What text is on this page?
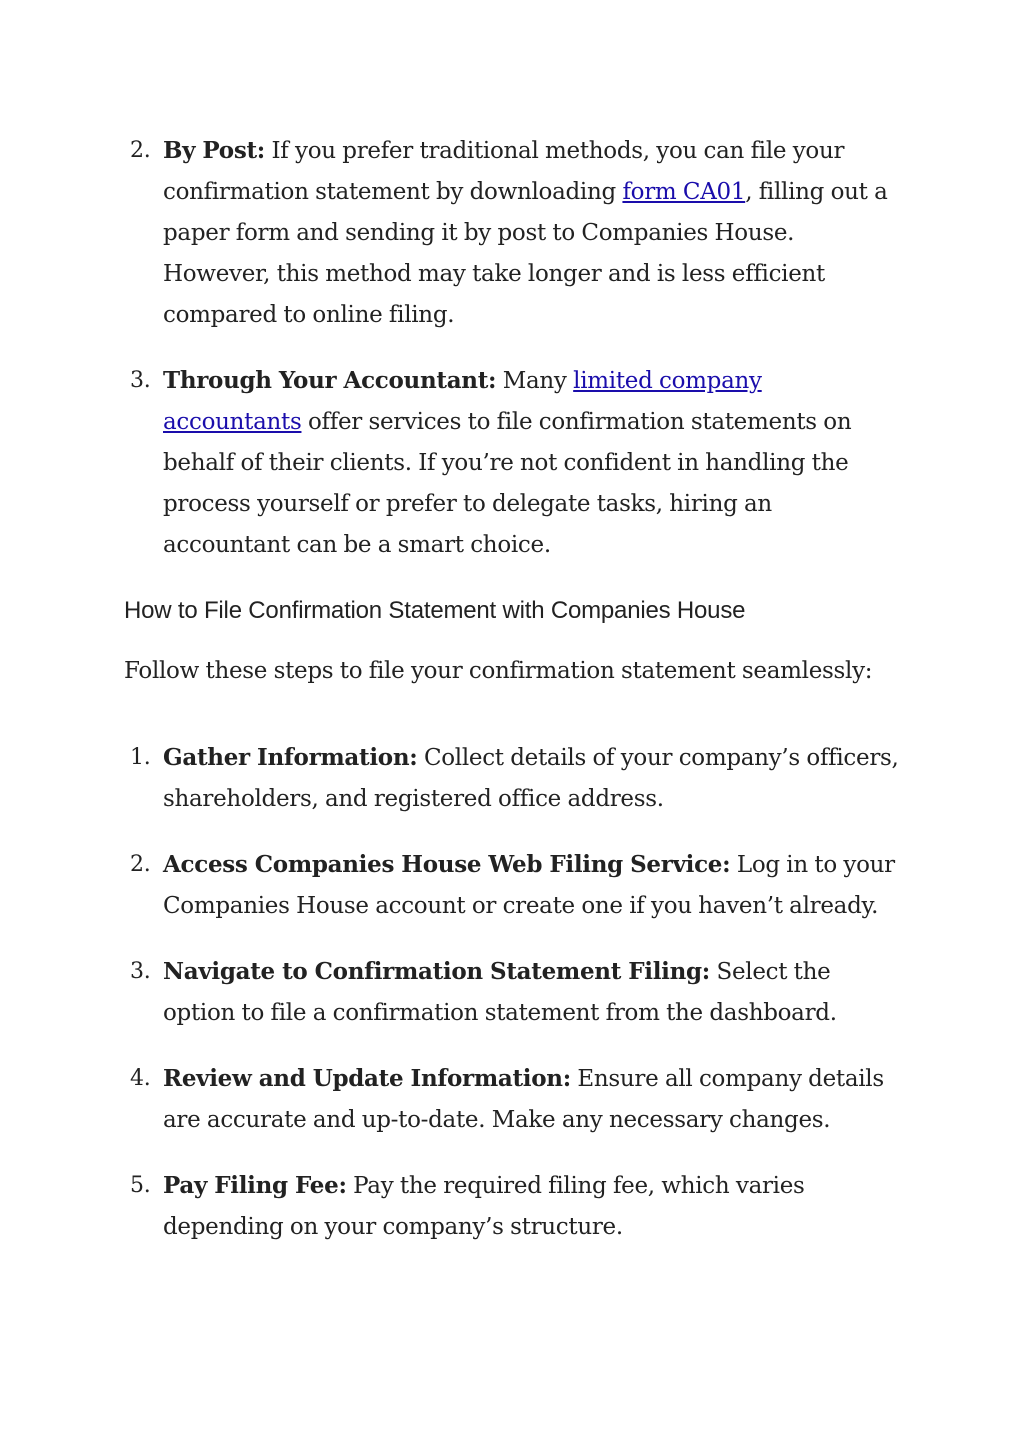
2. By Post: If you prefer traditional methods, you can file your confirmation statement by downloading form CA01, filling out a paper form and sending it by post to Companies House. However, this method may take longer and is less efficient compared to online filing.
3. Through Your Accountant: Many limited company accountants offer services to file confirmation statements on behalf of their clients. If you’re not confident in handling the process yourself or prefer to delegate tasks, hiring an accountant can be a smart choice.
How to File Confirmation Statement with Companies House

Follow these steps to file your confirmation statement seamlessly:

1. Gather Information: Collect details of your company’s officers, shareholders, and registered office address.
2. Access Companies House Web Filing Service: Log in to your Companies House account or create one if you haven’t already.
3. Navigate to Confirmation Statement Filing: Select the option to file a confirmation statement from the dashboard.
4. Review and Update Information: Ensure all company details are accurate and up-to-date. Make any necessary changes.
5. Pay Filing Fee: Pay the required filing fee, which varies depending on your company’s structure.
